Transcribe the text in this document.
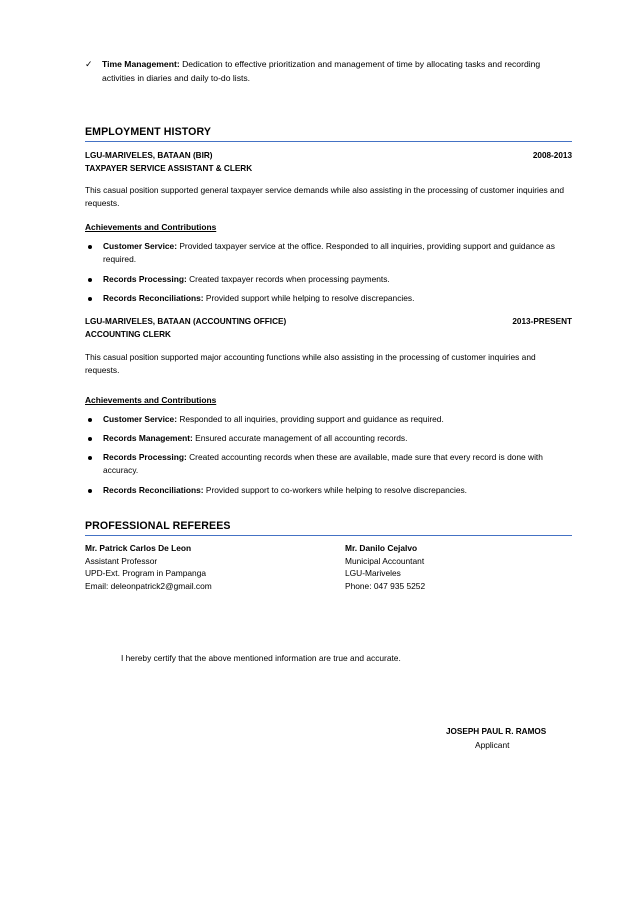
✓	Time Management: Dedication to effective prioritization and management of time by allocating tasks and recording activities in diaries and daily to-do lists.
EMPLOYMENT HISTORY
LGU-MARIVELES, BATAAN (BIR)
TAXPAYER SERVICE ASSISTANT & CLERK
2008-2013
This casual position supported general taxpayer service demands while also assisting in the processing of customer inquiries and requests.
Achievements and Contributions
Customer Service: Provided taxpayer service at the office. Responded to all inquiries, providing support and guidance as required.
Records Processing: Created taxpayer records when processing payments.
Records Reconciliations: Provided support while helping to resolve discrepancies.
LGU-MARIVELES, BATAAN (ACCOUNTING OFFICE)
ACCOUNTING CLERK
2013-PRESENT
This casual position supported major accounting functions while also assisting in the processing of customer inquiries and requests.
Achievements and Contributions
Customer Service: Responded to all inquiries, providing support and guidance as required.
Records Management: Ensured accurate management of all accounting records.
Records Processing: Created accounting records when these are available, made sure that every record is done with accuracy.
Records Reconciliations: Provided support to co-workers while helping to resolve discrepancies.
PROFESSIONAL REFEREES
Mr. Patrick Carlos De Leon
Assistant Professor
UPD-Ext. Program in Pampanga
Email: deleonpatrick2@gmail.com
Mr. Danilo Cejalvo
Municipal Accountant
LGU-Mariveles
Phone: 047 935 5252
I hereby certify that the above mentioned information are true and accurate.
JOSEPH PAUL R. RAMOS
Applicant
